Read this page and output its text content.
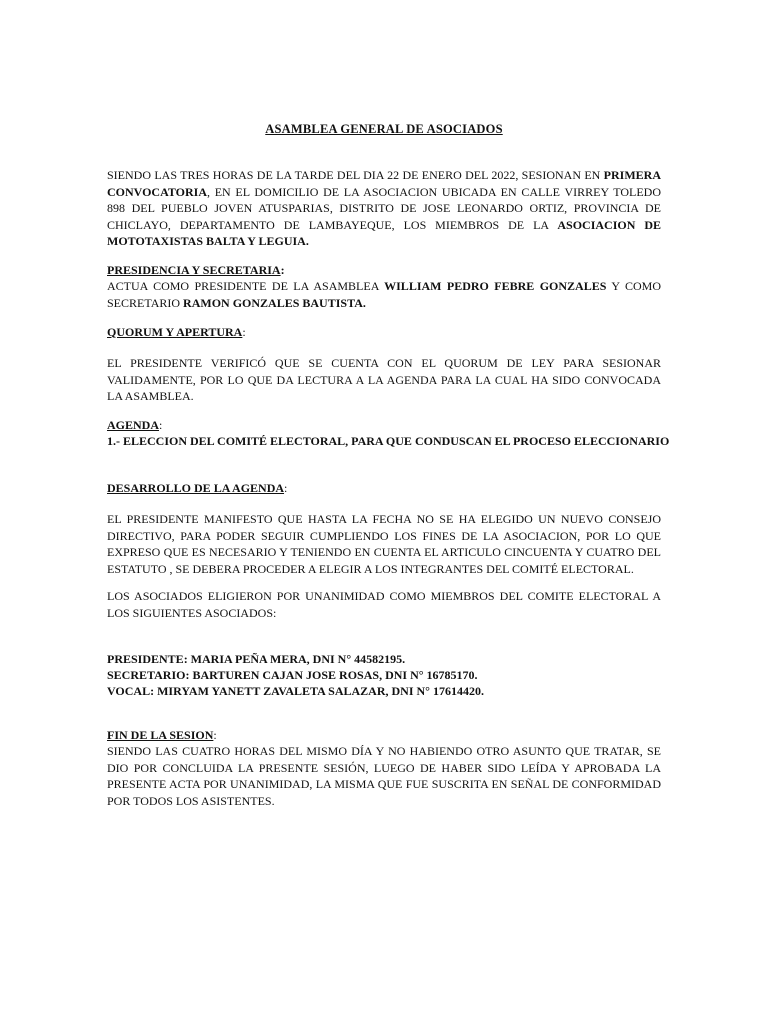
ASAMBLEA GENERAL DE ASOCIADOS
SIENDO LAS TRES HORAS DE LA TARDE DEL DIA 22 DE ENERO DEL 2022, SESIONAN EN PRIMERA CONVOCATORIA, EN EL DOMICILIO DE LA ASOCIACION UBICADA EN CALLE VIRREY TOLEDO 898 DEL PUEBLO JOVEN ATUSPARIAS, DISTRITO DE JOSE LEONARDO ORTIZ, PROVINCIA DE CHICLAYO, DEPARTAMENTO DE LAMBAYEQUE, LOS MIEMBROS DE LA ASOCIACION DE MOTOTAXISTAS BALTA Y LEGUIA.
PRESIDENCIA Y SECRETARIA:
ACTUA COMO PRESIDENTE DE LA ASAMBLEA WILLIAM PEDRO FEBRE GONZALES Y COMO SECRETARIO RAMON GONZALES BAUTISTA.
QUORUM Y APERTURA:
EL PRESIDENTE VERIFICÓ QUE SE CUENTA CON EL QUORUM DE LEY PARA SESIONAR VALIDAMENTE, POR LO QUE DA LECTURA A LA AGENDA PARA LA CUAL HA SIDO CONVOCADA LA ASAMBLEA.
AGENDA:
1.- ELECCION DEL COMITÉ ELECTORAL, PARA QUE CONDUSCAN EL PROCESO ELECCIONARIO
DESARROLLO DE LA AGENDA:
EL PRESIDENTE MANIFESTO QUE HASTA LA FECHA NO SE HA ELEGIDO UN NUEVO CONSEJO DIRECTIVO, PARA PODER SEGUIR CUMPLIENDO LOS FINES DE LA ASOCIACION, POR LO QUE EXPRESO QUE ES NECESARIO Y TENIENDO EN CUENTA EL ARTICULO CINCUENTA Y CUATRO DEL ESTATUTO , SE DEBERA PROCEDER A ELEGIR A LOS INTEGRANTES DEL COMITÉ ELECTORAL.
LOS ASOCIADOS ELIGIERON POR UNANIMIDAD COMO MIEMBROS DEL COMITE ELECTORAL A LOS SIGUIENTES ASOCIADOS:
PRESIDENTE: MARIA PEÑA MERA, DNI N° 44582195.
SECRETARIO: BARTUREN CAJAN JOSE ROSAS, DNI N° 16785170.
VOCAL: MIRYAM YANETT ZAVALETA SALAZAR, DNI N° 17614420.
FIN DE LA SESION:
SIENDO LAS CUATRO HORAS DEL MISMO DÍA Y NO HABIENDO OTRO ASUNTO QUE TRATAR, SE DIO POR CONCLUIDA LA PRESENTE SESIÓN, LUEGO DE HABER SIDO LEÍDA Y APROBADA LA PRESENTE ACTA POR UNANIMIDAD, LA MISMA QUE FUE SUSCRITA EN SEÑAL DE CONFORMIDAD POR TODOS LOS ASISTENTES.
